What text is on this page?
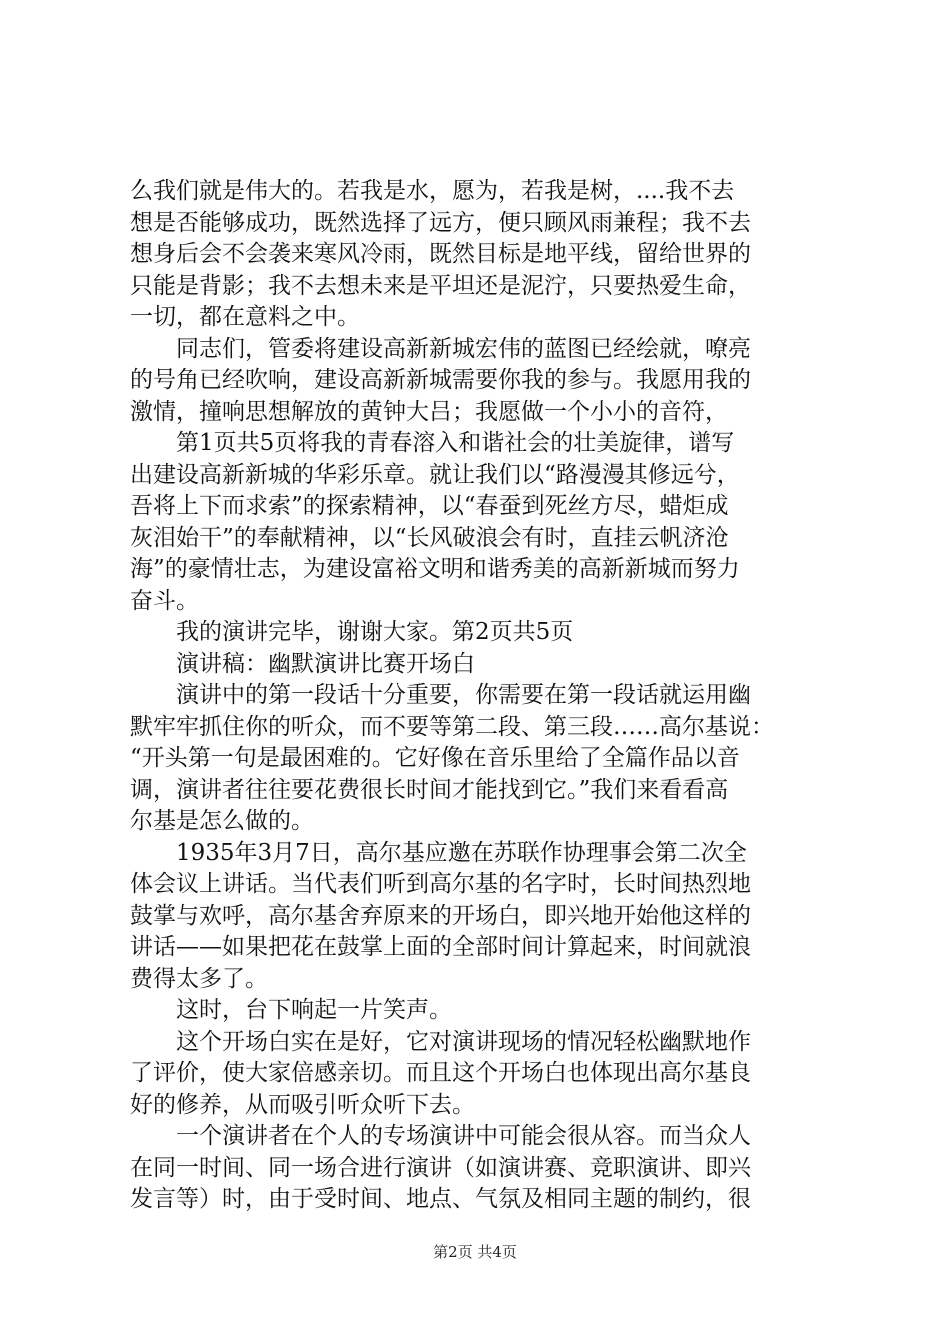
么我们就是伟大的。若我是水，愿为，若我是树，....我不去
想是否能够成功，既然选择了远方，便只顾风雨兼程；我不去
想身后会不会袭来寒风冷雨，既然目标是地平线，留给世界的
只能是背影；我不去想未来是平坦还是泥泞，只要热爱生命，
一切，都在意料之中。
　　同志们，管委将建设高新新城宏伟的蓝图已经绘就，嘹亮
的号角已经吹响，建设高新新城需要你我的参与。我愿用我的
激情，撞响思想解放的黄钟大吕；我愿做一个小小的音符，
　　第1页共5页将我的青春溶入和谐社会的壮美旋律，谱写
出建设高新新城的华彩乐章。就让我们以“路漫漫其修远兮，
吾将上下而求索”的探索精神，以“春蚕到死丝方尽，蜡炬成
灰泪始干”的奉献精神，以“长风破浪会有时，直挂云帆济沧
海”的豪情壮志，为建设富裕文明和谐秀美的高新新城而努力
奋斗。
　　我的演讲完毕，谢谢大家。第2页共5页
　　演讲稿：幽默演讲比赛开场白
　　演讲中的第一段话十分重要，你需要在第一段话就运用幽
默牢牢抓住你的听众，而不要等第二段、第三段……高尔基说：
“开头第一句是最困难的。它好像在音乐里给了全篇作品以音
调，演讲者往往要花费很长时间才能找到它。”我们来看看高
尔基是怎么做的。
　　1935年3月7日，高尔基应邀在苏联作协理事会第二次全
体会议上讲话。当代表们听到高尔基的名字时，长时间热烈地
鼓掌与欢呼，高尔基舍弃原来的开场白，即兴地开始他这样的
讲话——如果把花在鼓掌上面的全部时间计算起来，时间就浪
费得太多了。
　　这时，台下响起一片笑声。
　　这个开场白实在是好，它对演讲现场的情况轻松幽默地作
了评价，使大家倍感亲切。而且这个开场白也体现出高尔基良
好的修养，从而吸引听众听下去。
　　一个演讲者在个人的专场演讲中可能会很从容。而当众人
在同一时间、同一场合进行演讲（如演讲赛、竞职演讲、即兴
发言等）时，由于受时间、地点、气氛及相同主题的制约，很
第2页 共4页
